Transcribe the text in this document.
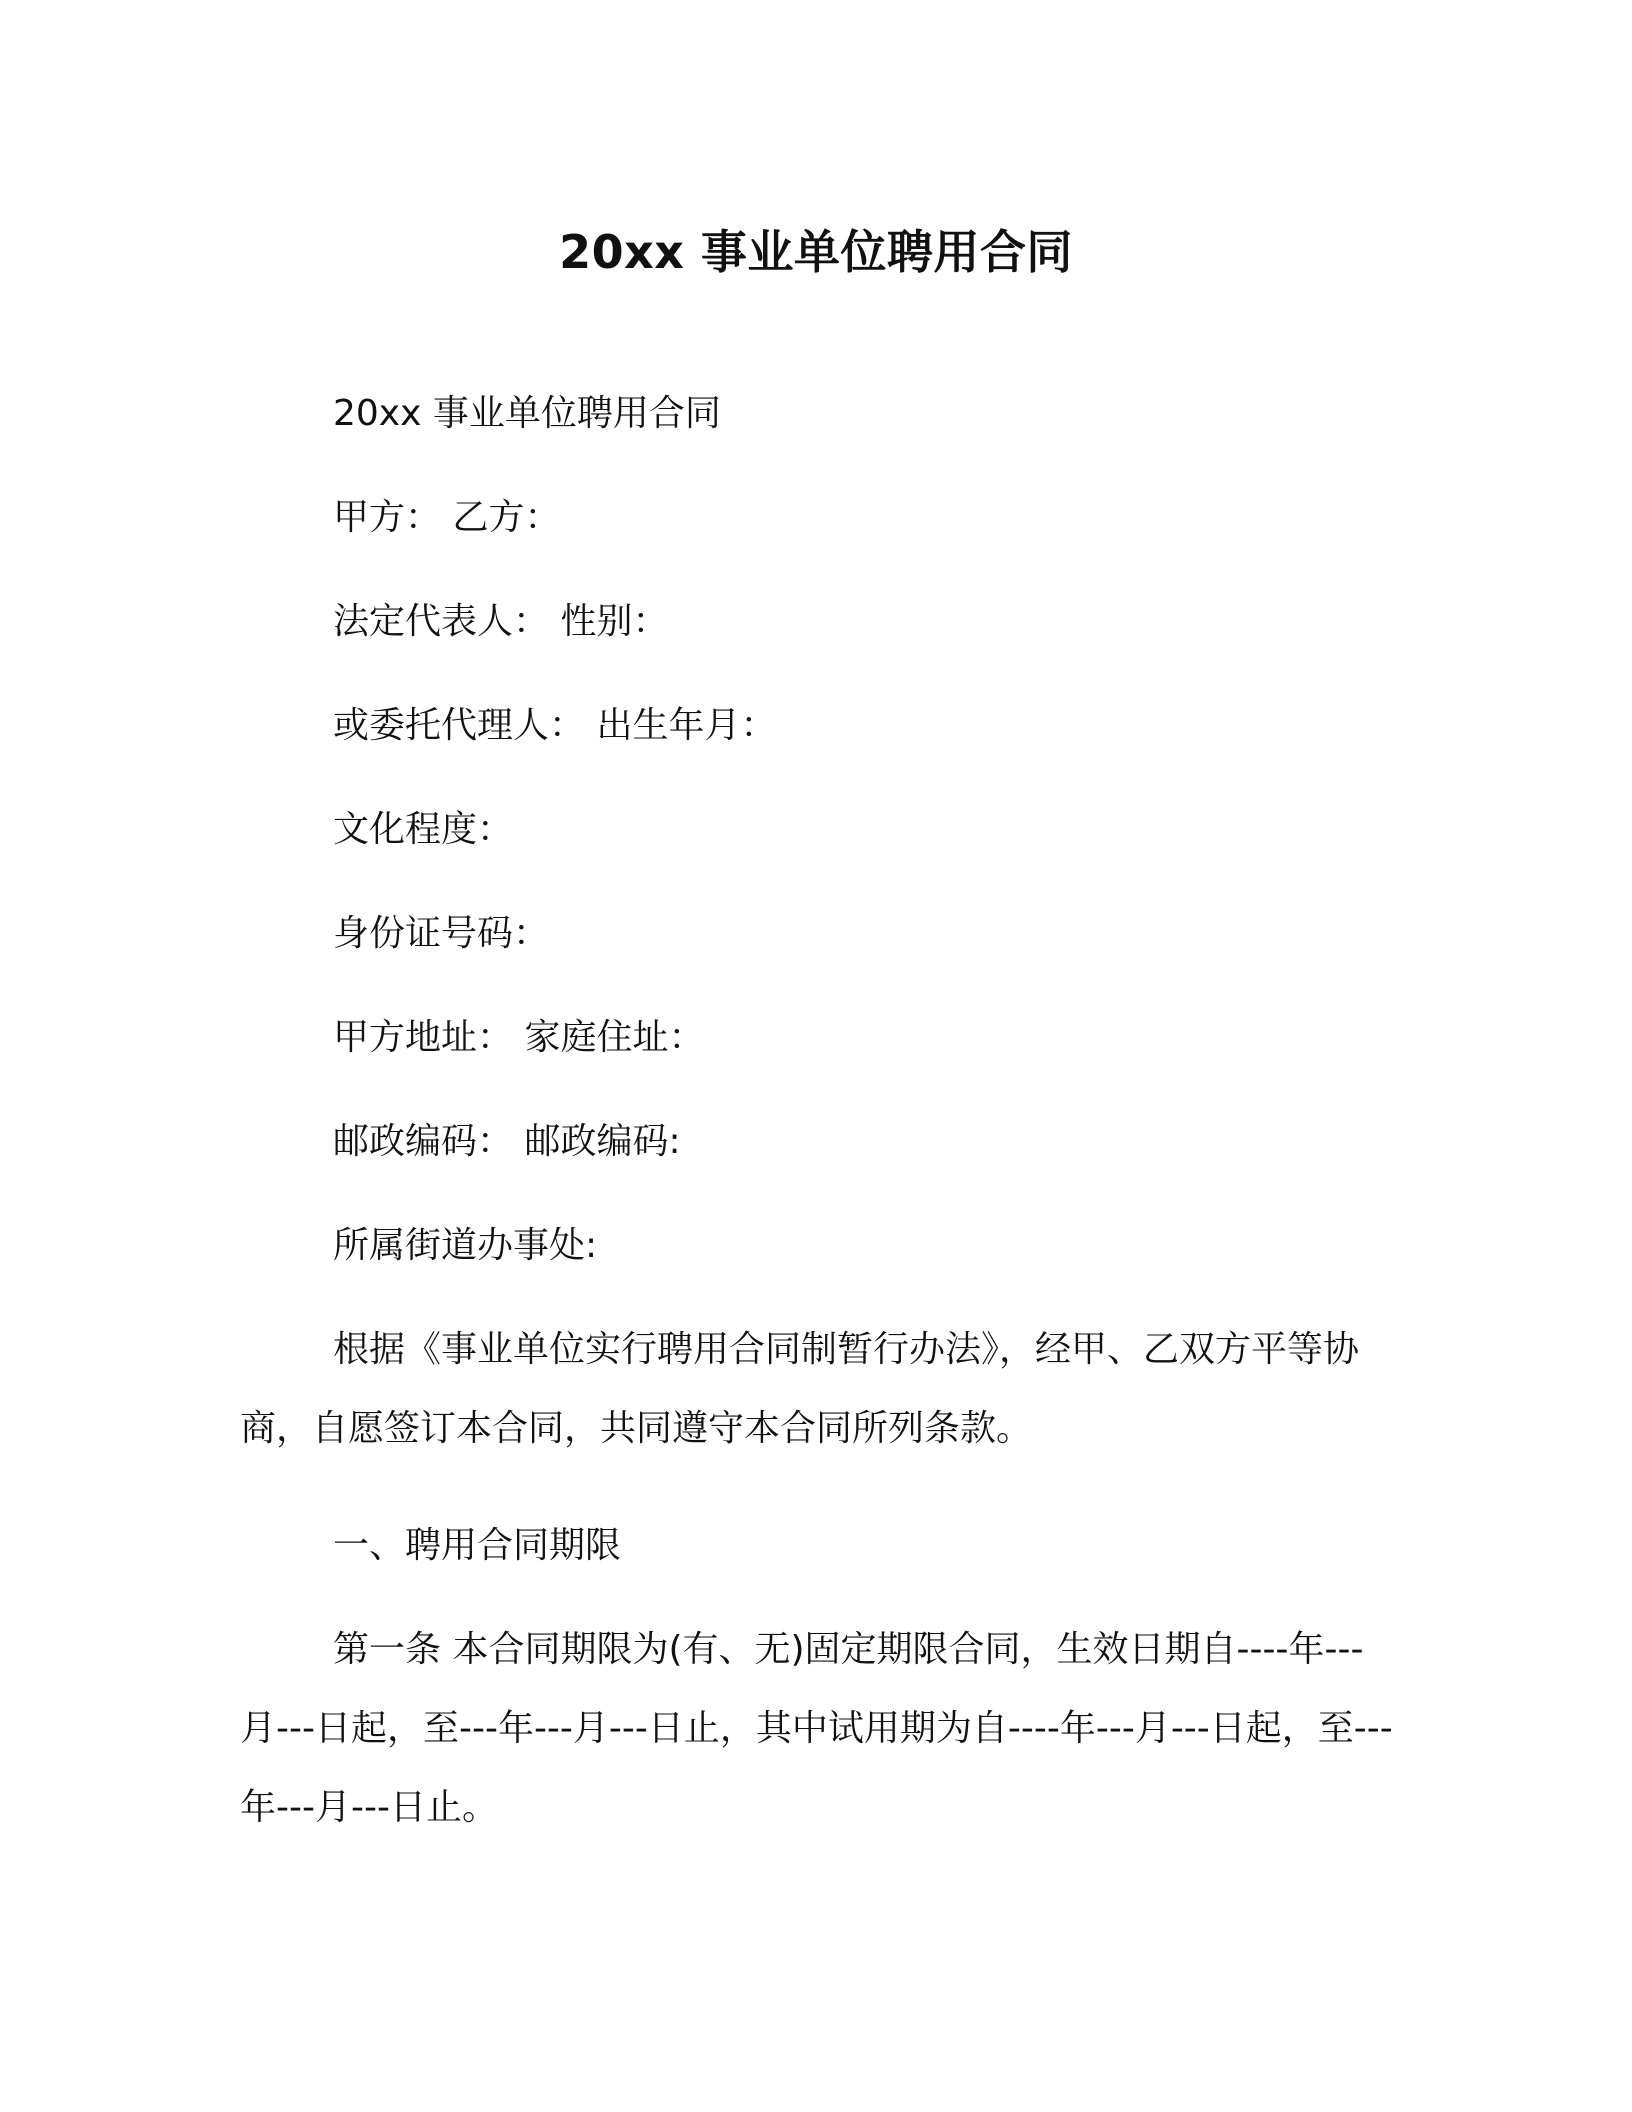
20xx 事业单位聘用合同

20xx 事业单位聘用合同

甲方： 乙方：

法定代表人： 性别：

或委托代理人： 出生年月：

文化程度：

身份证号码：

甲方地址： 家庭住址：

邮政编码： 邮政编码:

所属街道办事处:

根据《事业单位实行聘用合同制暂行办法》，经甲、乙双方平等协商，自愿签订本合同，共同遵守本合同所列条款。

一、聘用合同期限

第一条 本合同期限为(有、无)固定期限合同，生效日期自----年---月---日起，至---年---月---日止，其中试用期为自----年---月---日起，至---年---月---日止。
